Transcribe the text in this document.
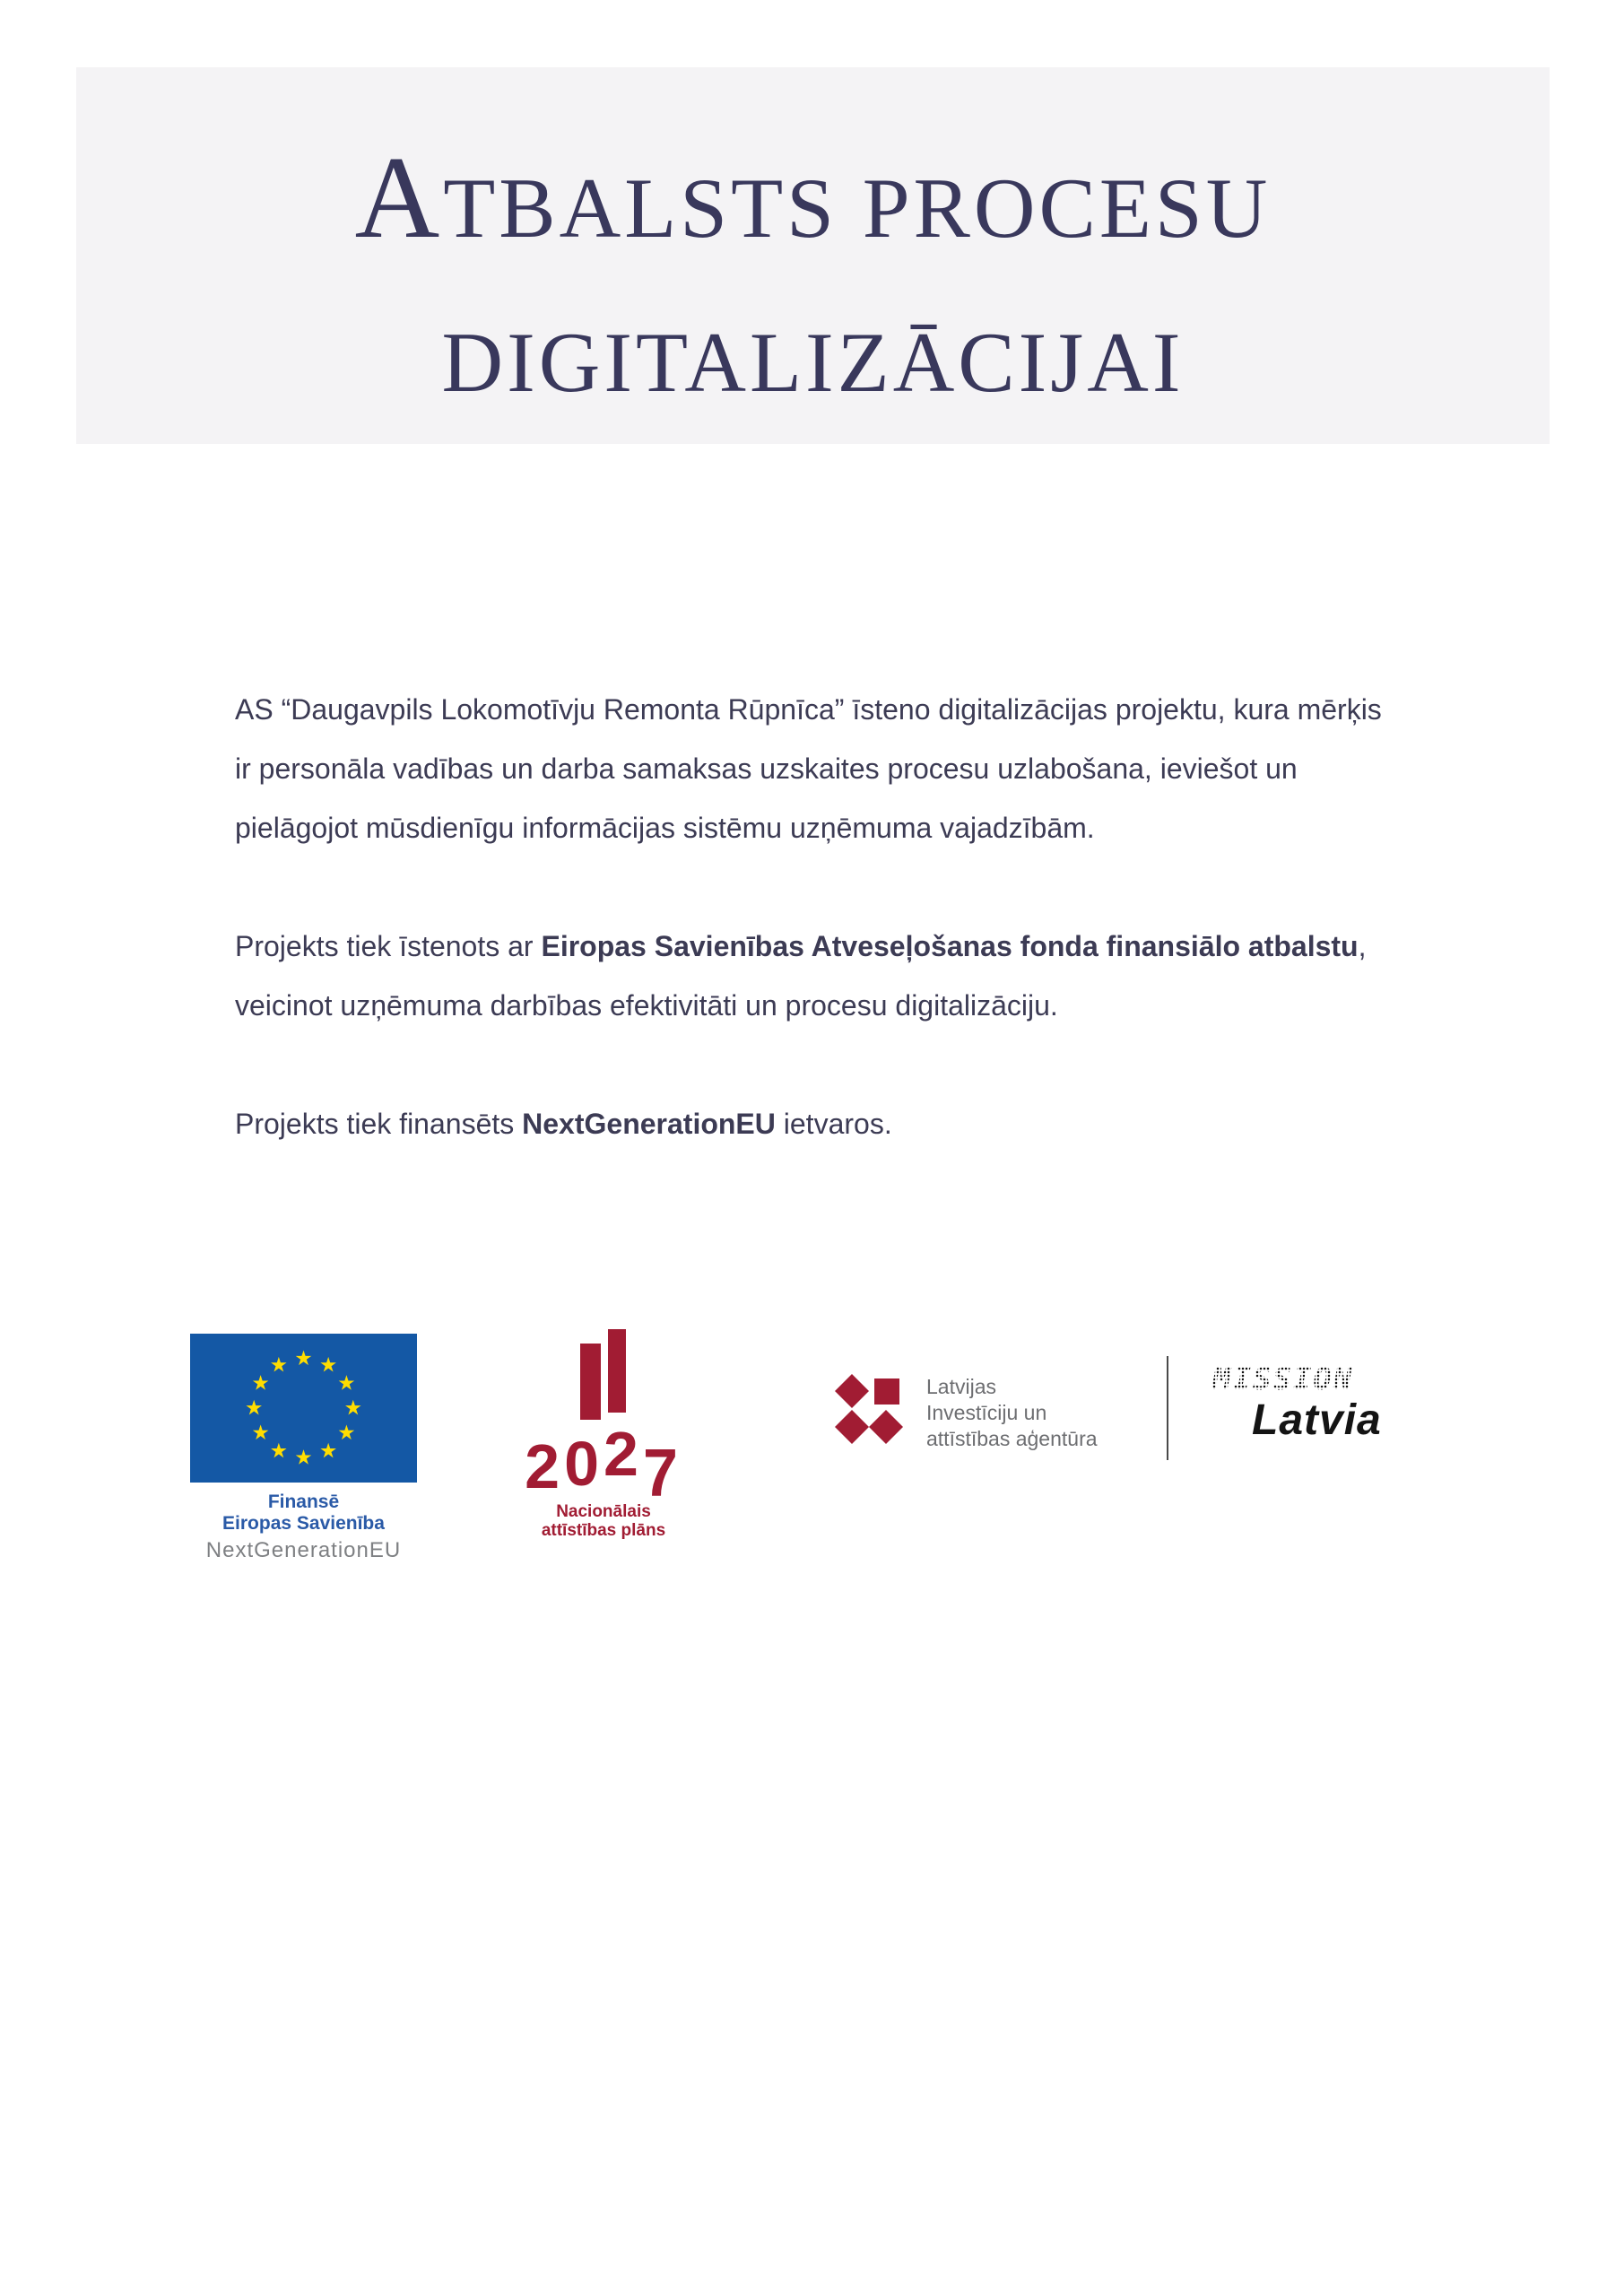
ATBALSTS PROCESU
DIGITALIZĀCIJAI
AS “Daugavpils Lokomotīvju Remonta Rūpnīca” īsteno digitalizācijas projektu, kura mērķis
ir personāla vadības un darba samaksas uzskaites procesu uzlabošana, ieviešot un
pielāgojot mūsdienīgu informācijas sistēmu uzņēmuma vajadzībām.
Projekts tiek īstenots ar Eiropas Savienības Atveseļošanas fonda finansiālo atbalstu,
veicinot uzņēmuma darbības efektivitāti un procesu digitalizāciju.
Projekts tiek finansēts NextGenerationEU ietvaros.
Finansē
Eiropas Savienība
NextGenerationEU
2027
Nacionālais
attīstības plāns
Latvijas
Investīciju un
attīstības aģentūra
MISSION
Latvia
